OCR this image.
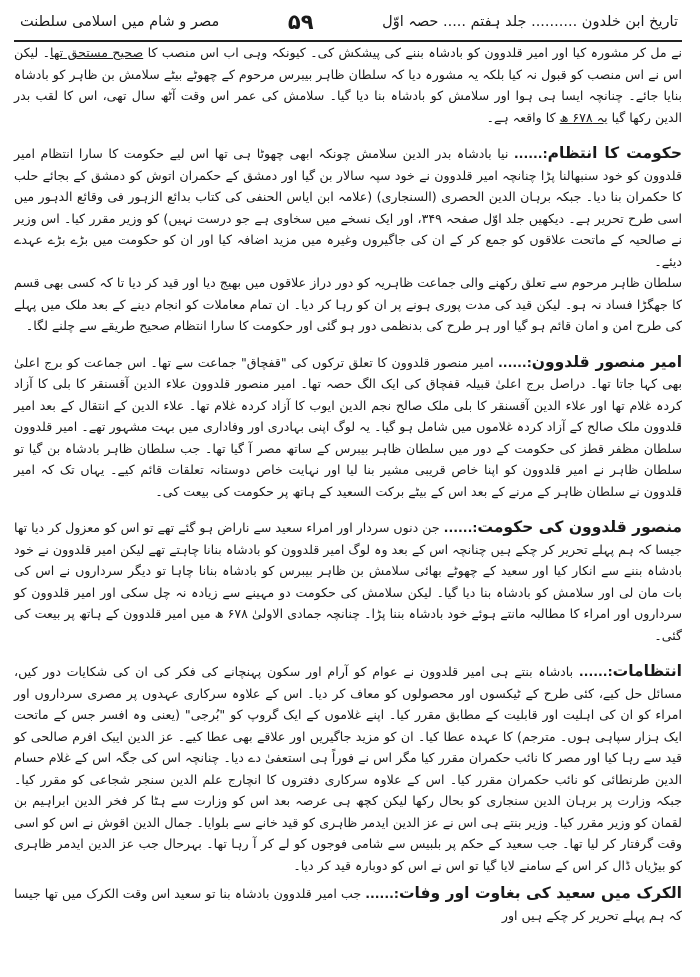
تاریخ ابن خلدون .......... جلد ہفتم ..... حصہ اوّل
۵۹
مصر و شام میں اسلامی سلطنت

نے مل کر مشورہ کیا اور امیر قلدوون کو بادشاہ بننے کی پیشکش کی۔ کیونکہ وہی اب اس منصب کا صحیح مستحق تھا۔ لیکن اس نے اس منصب کو قبول نہ کیا بلکہ یہ مشورہ دیا کہ سلطان ظاہر بیبرس مرحوم کے چھوٹے بیٹے سلامش بن ظاہر کو بادشاہ بنایا جائے۔ چنانچہ ایسا ہی ہوا اور سلامش کو بادشاہ بنا دیا گیا۔ سلامش کی عمر اس وقت آٹھ سال تھی، اس کا لقب بدر الدین رکھا گیا یہ ۶۷۸ ھ کا واقعہ ہے۔

حکومت کا انتظام:...... نیا بادشاہ بدر الدین سلامش چونکہ ابھی چھوٹا ہی تھا اس لیے حکومت کا سارا انتظام امیر قلدوون کو خود سنبھالنا پڑا چنانچہ امیر قلدوون نے خود سپہ سالار بن گیا اور دمشق کے حکمران اتوش کو دمشق کے بجائے حلب کا حکمران بنا دیا۔ جبکہ برہان الدین الحصری (السنجاری) (علامہ ابن ایاس الحنفی کی کتاب بدائع الزہور فی وقائع الدہور میں اسی طرح تحریر ہے۔ دیکھیں جلد اوّل صفحہ ۳۴۹، اور ایک نسخے میں سخاوی ہے جو درست نہیں) کو وزیر مقرر کیا۔ اس وزیر نے صالحیہ کے ماتحت علاقوں کو جمع کر کے ان کی جاگیروں وغیرہ میں مزید اضافہ کیا اور ان کو حکومت میں بڑے بڑے عہدے دیئے۔

سلطان ظاہر مرحوم سے تعلق رکھنے والی جماعت ظاہریہ کو دور دراز علاقوں میں بھیج دیا اور قید کر دیا تا کہ کسی بھی قسم کا جھگڑا فساد نہ ہو۔ لیکن قید کی مدت پوری ہونے پر ان کو رہا کر دیا۔ ان تمام معاملات کو انجام دینے کے بعد ملک میں پہلے کی طرح امن و امان قائم ہو گیا اور ہر طرح کی بدنظمی دور ہو گئی اور حکومت کا سارا انتظام صحیح طریقے سے چلنے لگا۔

امیر منصور قلدوون:...... امیر منصور قلدوون کا تعلق ترکوں کی "قفچاق" جماعت سے تھا۔ اس جماعت کو برج اعلیٰ بھی کہا جاتا تھا۔ دراصل برج اعلیٰ قبیلہ قفچاق کی ایک الگ حصہ تھا۔ امیر منصور قلدوون علاء الدین آقسنقر کا بلی کا آزاد کردہ غلام تھا اور علاء الدین آقسنقر کا بلی ملک صالح نجم الدین ایوب کا آزاد کردہ غلام تھا۔ علاء الدین کے انتقال کے بعد امیر قلدوون ملک صالح کے آزاد کردہ غلاموں میں شامل ہو گیا۔ یہ لوگ اپنی بہادری اور وفاداری میں بہت مشہور تھے۔ امیر قلدوون سلطان مظفر قطز کی حکومت کے دور میں سلطان ظاہر بیبرس کے ساتھ مصر آ گیا تھا۔ جب سلطان ظاہر بادشاہ بن گیا تو سلطان ظاہر نے امیر قلدوون کو اپنا خاص قریبی مشیر بنا لیا اور نہایت خاص دوستانہ تعلقات قائم کیے۔ یہاں تک کہ امیر قلدوون نے سلطان ظاہر کے مرنے کے بعد اس کے بیٹے برکت السعید کے ہاتھ پر حکومت کی بیعت کی۔

منصور قلدوون کی حکومت:...... جن دنوں سردار اور امراء سعید سے ناراض ہو گئے تھے تو اس کو معزول کر دیا تھا جیسا کہ ہم پہلے تحریر کر چکے ہیں چنانچہ اس کے بعد وہ لوگ امیر قلدوون کو بادشاہ بنانا چاہتے تھے لیکن امیر قلدوون نے خود بادشاہ بننے سے انکار کیا اور سعید کے چھوٹے بھائی سلامش بن ظاہر بیبرس کو بادشاہ بنانا چاہا تو دیگر سرداروں نے اس کی بات مان لی اور سلامش کو بادشاہ بنا دیا گیا۔ لیکن سلامش کی حکومت دو مہینے سے زیادہ نہ چل سکی اور امیر قلدوون کو سرداروں اور امراء کا مطالبہ مانتے ہوئے خود بادشاہ بننا پڑا۔ چنانچہ جمادی الاولیٰ ۶۷۸ ھ میں امیر قلدوون کے ہاتھ پر بیعت کی گئی۔

انتظامات:...... بادشاہ بنتے ہی امیر قلدوون نے عوام کو آرام اور سکون پہنچانے کی فکر کی ان کی شکایات دور کیں، مسائل حل کیے، کئی طرح کے ٹیکسوں اور محصولوں کو معاف کر دیا۔ اس کے علاوہ سرکاری عہدوں پر مصری سرداروں اور امراء کو ان کی اہلیت اور قابلیت کے مطابق مقرر کیا۔ اپنے غلاموں کے ایک گروپ کو "بُرجی" (یعنی وہ افسر جس کے ماتحت ایک ہزار سپاہی ہوں۔ مترجم) کا عہدہ عطا کیا۔ ان کو مزید جاگیریں اور علاقے بھی عطا کیے۔ عز الدین ایبک افرم صالحی کو قید سے رہا کیا اور مصر کا نائب حکمران مقرر کیا مگر اس نے فوراً ہی استعفیٰ دے دیا۔ چنانچہ اس کی جگہ اس کے غلام حسام الدین طرنطائی کو نائب حکمران مقرر کیا۔ اس کے علاوہ سرکاری دفتروں کا انچارج علم الدین سنجر شجاعی کو مقرر کیا۔ جبکہ وزارت پر برہان الدین سنجاری کو بحال رکھا لیکن کچھ ہی عرصہ بعد اس کو وزارت سے ہٹا کر فخر الدین ابراہیم بن لقمان کو وزیر مقرر کیا۔ وزیر بنتے ہی اس نے عز الدین ایدمر ظاہری کو قید خانے سے بلوایا۔ جمال الدین اقوش نے اس کو اسی وقت گرفتار کر لیا تھا۔ جب سعید کے حکم پر بلبیس سے شامی فوجوں کو لے کر آ رہا تھا۔ بہرحال جب عز الدین ایدمر ظاہری کو بیڑیاں ڈال کر اس کے سامنے لایا گیا تو اس نے اس کو دوبارہ قید کر دیا۔

الکرک میں سعید کی بغاوت اور وفات:...... جب امیر قلدوون بادشاہ بنا تو سعید اس وقت الکرک میں تھا جیسا کہ ہم پہلے تحریر کر چکے ہیں اور
